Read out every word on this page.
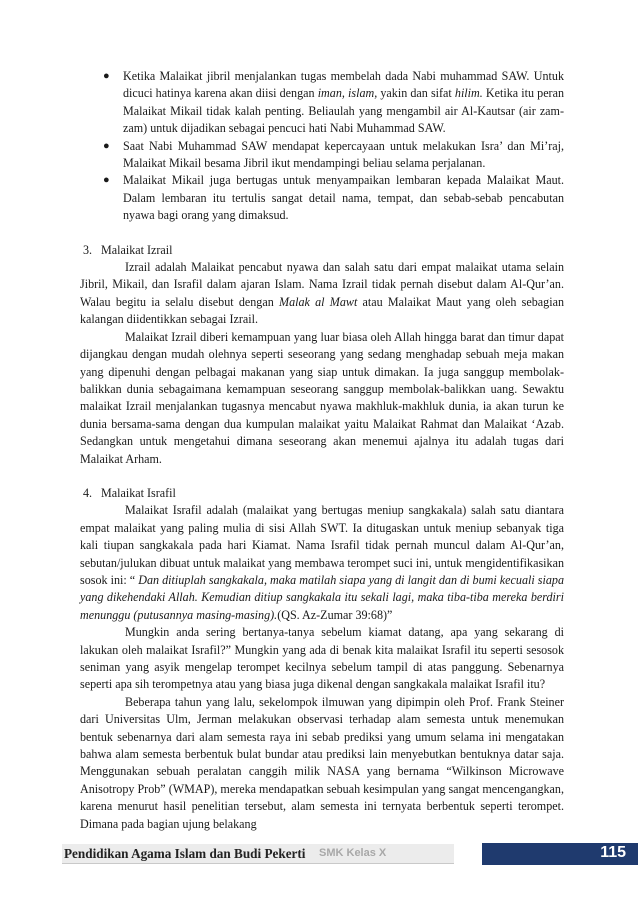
● Ketika Malaikat jibril menjalankan tugas membelah dada Nabi muhammad SAW. Untuk dicuci hatinya karena akan diisi dengan iman, islam, yakin dan sifat hilim. Ketika itu peran Malaikat Mikail tidak kalah penting. Beliaulah yang mengambil air Al-Kautsar (air zam-zam) untuk dijadikan sebagai pencuci hati Nabi Muhammad SAW.
● Saat Nabi Muhammad SAW mendapat kepercayaan untuk melakukan Isra’ dan Mi’raj, Malaikat Mikail besama Jibril ikut mendampingi beliau selama perjalanan.
● Malaikat Mikail juga bertugas untuk menyampaikan lembaran kepada Malaikat Maut. Dalam lembaran itu tertulis sangat detail nama, tempat, dan sebab-sebab pencabutan nyawa bagi orang yang dimaksud.
3. Malaikat Izrail

Izrail adalah Malaikat pencabut nyawa dan salah satu dari empat malaikat utama selain Jibril, Mikail, dan Israfil dalam ajaran Islam. Nama Izrail tidak pernah disebut dalam Al-Qur’an. Walau begitu ia selalu disebut dengan Malak al Mawt atau Malaikat Maut yang oleh sebagian kalangan diidentikkan sebagai Izrail.

Malaikat Izrail diberi kemampuan yang luar biasa oleh Allah hingga barat dan timur dapat dijangkau dengan mudah olehnya seperti seseorang yang sedang menghadap sebuah meja makan yang dipenuhi dengan pelbagai makanan yang siap untuk dimakan. Ia juga sanggup membolak-balikkan dunia sebagaimana kemampuan seseorang sanggup membolak-balikkan uang. Sewaktu malaikat Izrail menjalankan tugasnya mencabut nyawa makhluk-makhluk dunia, ia akan turun ke dunia bersama-sama dengan dua kumpulan malaikat yaitu Malaikat Rahmat dan Malaikat ‘Azab. Sedangkan untuk mengetahui dimana seseorang akan menemui ajalnya itu adalah tugas dari Malaikat Arham.

4. Malaikat Israfil

Malaikat Israfil adalah (malaikat yang bertugas meniup sangkakala) salah satu diantara empat malaikat yang paling mulia di sisi Allah SWT. Ia ditugaskan untuk meniup sebanyak tiga kali tiupan sangkakala pada hari Kiamat. Nama Israfil tidak pernah muncul dalam Al-Qur’an, sebutan/julukan dibuat untuk malaikat yang membawa terompet suci ini, untuk mengidentifikasikan sosok ini: “ Dan ditiuplah sangkakala, maka matilah siapa yang di langit dan di bumi kecuali siapa yang dikehendaki Allah. Kemudian ditiup sangkakala itu sekali lagi, maka tiba-tiba mereka berdiri menunggu (putusannya masing-masing).(QS. Az-Zumar 39:68)”

Mungkin anda sering bertanya-tanya sebelum kiamat datang, apa yang sekarang di lakukan oleh malaikat Israfil?” Mungkin yang ada di benak kita malaikat Israfil itu seperti sesosok seniman yang asyik mengelap terompet kecilnya sebelum tampil di atas panggung. Sebenarnya seperti apa sih terompetnya atau yang biasa juga dikenal dengan sangkakala malaikat Israfil itu?

Beberapa tahun yang lalu, sekelompok ilmuwan yang dipimpin oleh Prof. Frank Steiner dari Universitas Ulm, Jerman melakukan observasi terhadap alam semesta untuk menemukan bentuk sebenarnya dari alam semesta raya ini sebab prediksi yang umum selama ini mengatakan bahwa alam semesta berbentuk bulat bundar atau prediksi lain menyebutkan bentuknya datar saja. Menggunakan sebuah peralatan canggih milik NASA yang bernama “Wilkinson Microwave Anisotropy Prob” (WMAP), mereka mendapatkan sebuah kesimpulan yang sangat mencengangkan, karena menurut hasil penelitian tersebut, alam semesta ini ternyata berbentuk seperti terompet. Dimana pada bagian ujung belakang

Pendidikan Agama Islam dan Budi Pekerti SMK Kelas X	115
